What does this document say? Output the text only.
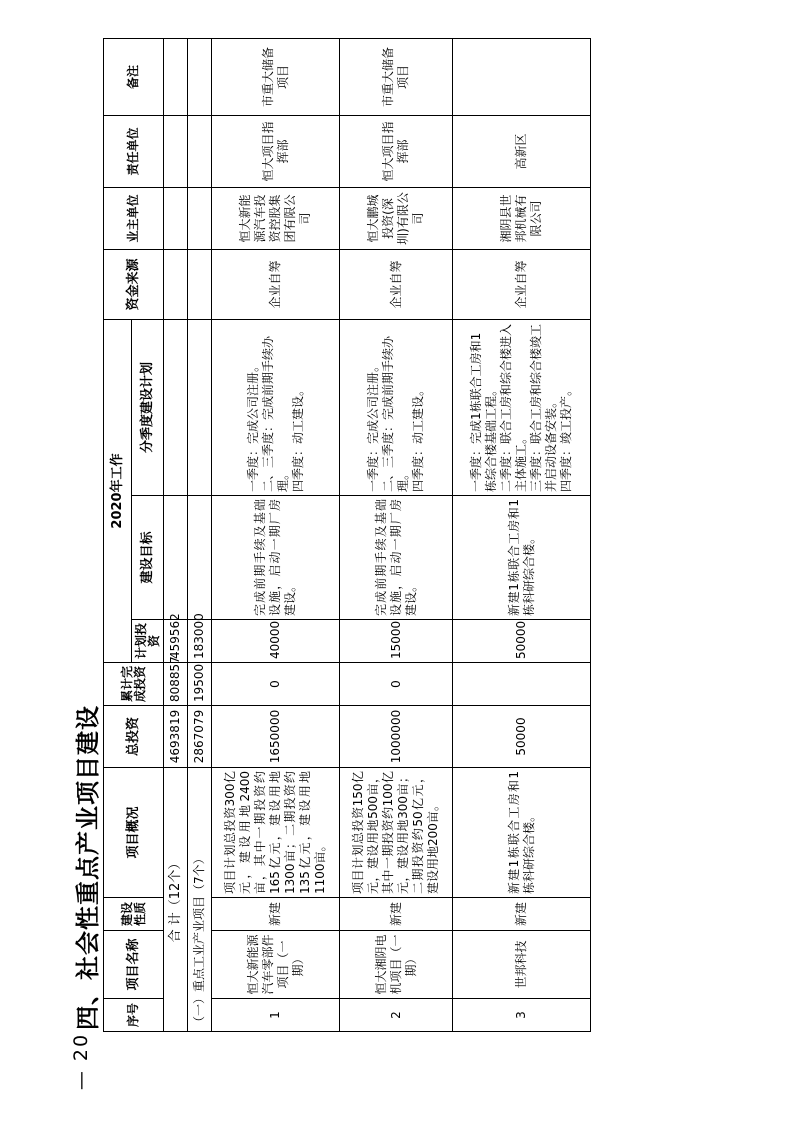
— 20 —
四、社会性重点产业项目建设 序号	项目名称	建设性质	项目概况	总投资	累计完成投资	2020年工作			资金来源	业主单位	责任单位	备注
						计划投资	建设目标	分季度建设计划				
合 计（12个）				4693819	808857	459562						
（一）重点工业产业项目（7个）				2867079	19500	183000						
1	恒大新能源汽车零部件项目（一期）	新建	项目计划总投资300亿元，建设用地2400亩，其中一期投资约165亿元，建设用地1300亩；二期投资约135亿元，建设用地1100亩。	1650000	0	40000	完成前期手续及基础设施，启动一期厂房建设。	一季度：完成公司注册。
二、三季度：完成前期手续办理。
四季度：动工建设。	企业自筹	恒大新能源汽车投资控股集团有限公司	恒大项目指挥部	市重大储备项目
2	恒大湘阴电机项目（一期）	新建	项目计划总投资150亿元，建设用地500亩，其中一期投资约100亿元，建设用地300亩；二期投资约50亿元，建设用地200亩。	1000000	0	15000	完成前期手续及基础设施，启动一期厂房建设。	一季度：完成公司注册。
二、三季度：完成前期手续办理。
四季度：动工建设。	企业自筹	恒大鹏城投资(深圳)有限公司	恒大项目指挥部	市重大储备项目
3	世邦科技	新建	新建1栋联合工房和1栋科研综合楼。	50000		50000	新建1栋联合工房和1栋科研综合楼。	一季度：完成1栋联合工房和1栋综合楼基础工程。
二季度：联合工房和综合楼进入主体施工。
三季度：联合工房和综合楼竣工并启动设备安装。
四季度：竣工投产。	企业自筹	湘阴县世邦机械有限公司	高新区	
